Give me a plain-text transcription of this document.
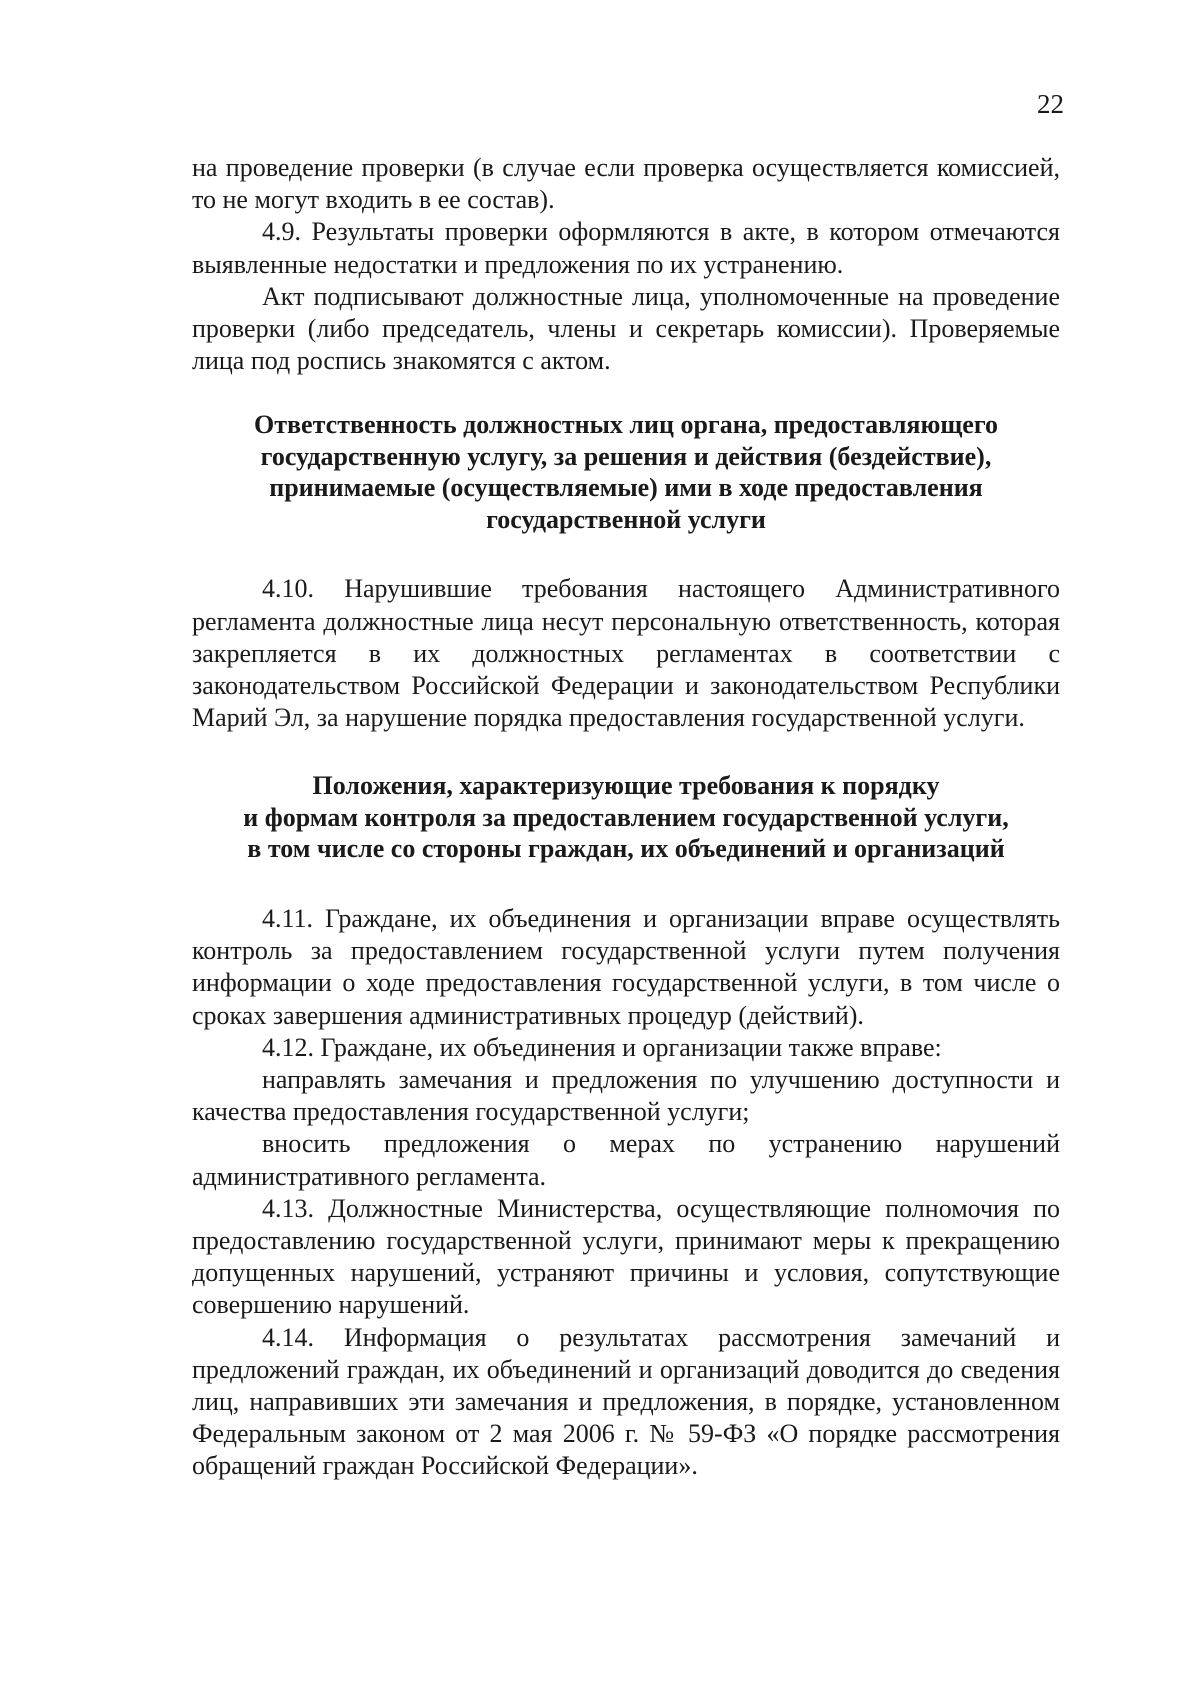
22

на проведение проверки (в случае если проверка осуществляется комиссией, то не могут входить в ее состав).

4.9. Результаты проверки оформляются в акте, в котором отмечаются выявленные недостатки и предложения по их устранению.

Акт подписывают должностные лица, уполномоченные на проведение проверки (либо председатель, члены и секретарь комиссии). Проверяемые лица под роспись знакомятся с актом.

Ответственность должностных лиц органа, предоставляющего
государственную услугу, за решения и действия (бездействие),
принимаемые (осуществляемые) ими в ходе предоставления
государственной услуги

4.10. Нарушившие требования настоящего Административного регламента должностные лица несут персональную ответственность, которая закрепляется в их должностных регламентах в соответствии с законодательством Российской Федерации и законодательством Республики Марий Эл, за нарушение порядка предоставления государственной услуги.

Положения, характеризующие требования к порядку
и формам контроля за предоставлением государственной услуги,
в том числе со стороны граждан, их объединений и организаций

4.11. Граждане, их объединения и организации вправе осуществлять контроль за предоставлением государственной услуги путем получения информации о ходе предоставления государственной услуги, в том числе о сроках завершения административных процедур (действий).

4.12. Граждане, их объединения и организации также вправе:

направлять замечания и предложения по улучшению доступности и качества предоставления государственной услуги;

вносить предложения о мерах по устранению нарушений административного регламента.

4.13. Должностные Министерства, осуществляющие полномочия по предоставлению государственной услуги, принимают меры к прекращению допущенных нарушений, устраняют причины и условия, сопутствующие совершению нарушений.

4.14. Информация о результатах рассмотрения замечаний и предложений граждан, их объединений и организаций доводится до сведения лиц, направивших эти замечания и предложения, в порядке, установленном Федеральным законом от 2 мая 2006 г. № 59-ФЗ «О порядке рассмотрения обращений граждан Российской Федерации».
